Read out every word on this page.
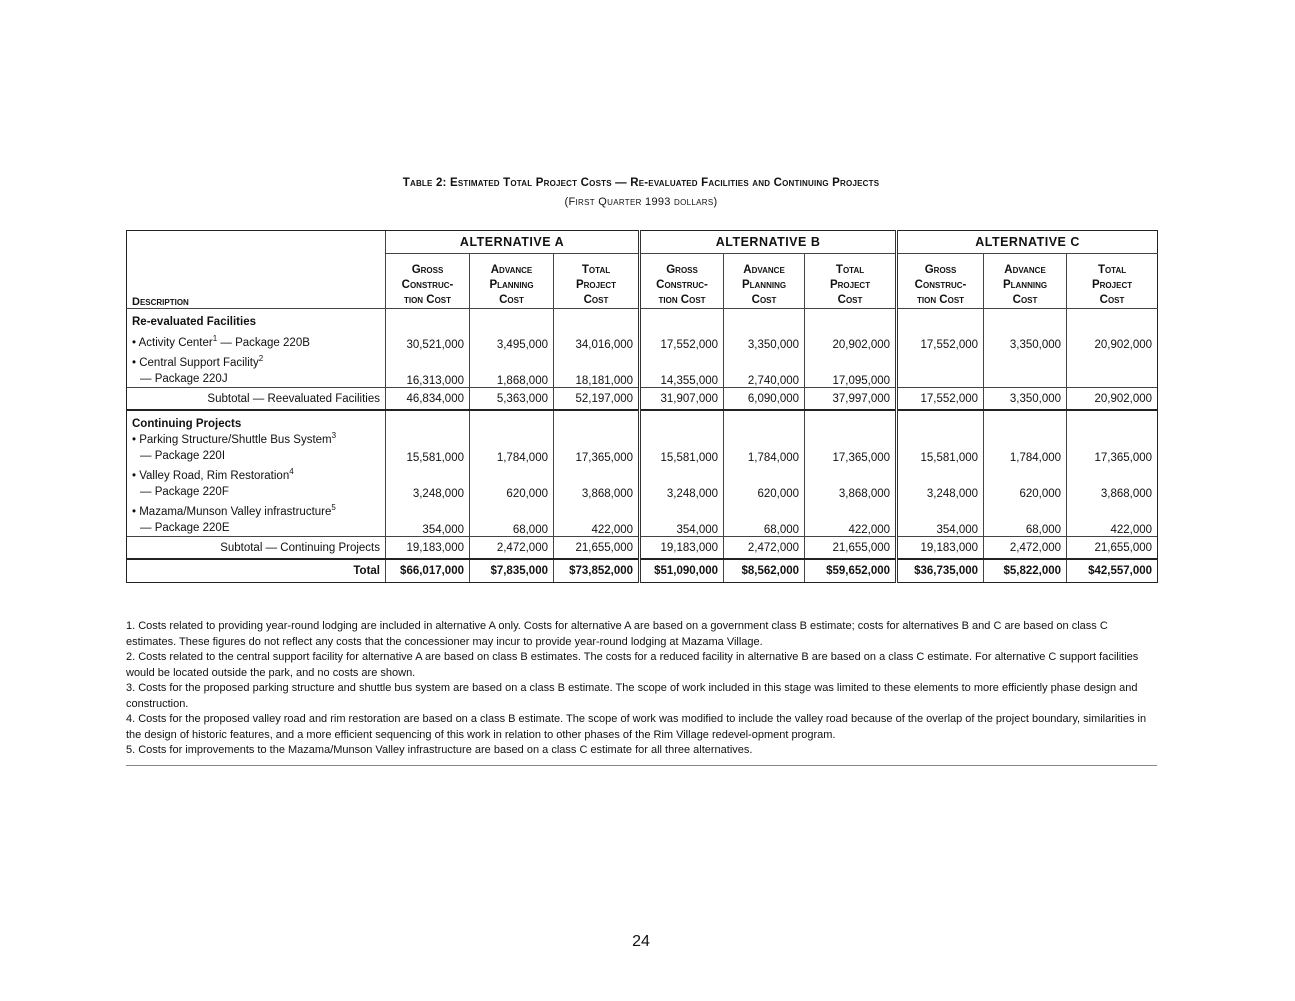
Table 2: Estimated Total Project Costs — Re-evaluated Facilities and Continuing Projects
(First Quarter 1993 dollars)
	ALTERNATIVE A			ALTERNATIVE B			ALTERNATIVE C		
Description	Gross
Construc-
tion Cost	Advance
Planning
Cost	Total
Project
Cost	Gross
Construc-
tion Cost	Advance
Planning
Cost	Total
Project
Cost	Gross
Construc-
tion Cost	Advance
Planning
Cost	Total
Project
Cost
Re-evaluated Facilities									
• Activity Center$^1$ — Package 220B	30,521,000	3,495,000	34,016,000	17,552,000	3,350,000	20,902,000	17,552,000	3,350,000	20,902,000
• Central Support Facility$^2$
— Package 220J	16,313,000	1,868,000	18,181,000	14,355,000	2,740,000	17,095,000			
Subtotal — Reevaluated Facilities	46,834,000	5,363,000	52,197,000	31,907,000	6,090,000	37,997,000	17,552,000	3,350,000	20,902,000
Continuing Projects									
• Parking Structure/Shuttle Bus System$^3$
— Package 220I	15,581,000	1,784,000	17,365,000	15,581,000	1,784,000	17,365,000	15,581,000	1,784,000	17,365,000
• Valley Road, Rim Restoration$^4$
— Package 220F	3,248,000	620,000	3,868,000	3,248,000	620,000	3,868,000	3,248,000	620,000	3,868,000
• Mazama/Munson Valley infrastructure$^5$
— Package 220E	354,000	68,000	422,000	354,000	68,000	422,000	354,000	68,000	422,000
Subtotal — Continuing Projects	19,183,000	2,472,000	21,655,000	19,183,000	2,472,000	21,655,000	19,183,000	2,472,000	21,655,000
Total	$66,017,000	$7,835,000	$73,852,000	$51,090,000	$8,562,000	$59,652,000	$36,735,000	$5,822,000	$42,557,000

1. Costs related to providing year-round lodging are included in alternative A only. Costs for alternative A are based on a government class B estimate; costs for alternatives B and C are based on class C estimates. These figures do not reflect any costs that the concessioner may incur to provide year-round lodging at Mazama Village.

2. Costs related to the central support facility for alternative A are based on class B estimates. The costs for a reduced facility in alternative B are based on a class C estimate. For alternative C support facilities would be located outside the park, and no costs are shown.

3. Costs for the proposed parking structure and shuttle bus system are based on a class B estimate. The scope of work included in this stage was limited to these elements to more efficiently phase design and construction.

4. Costs for the proposed valley road and rim restoration are based on a class B estimate. The scope of work was modified to include the valley road because of the overlap of the project boundary, similarities in the design of historic features, and a more efficient sequencing of this work in relation to other phases of the Rim Village redevel-opment program.

5. Costs for improvements to the Mazama/Munson Valley infrastructure are based on a class C estimate for all three alternatives.

24
